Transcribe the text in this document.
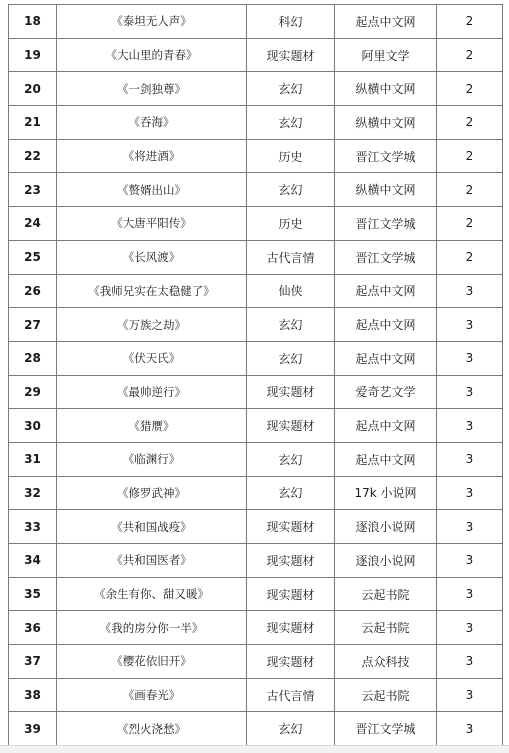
18	《泰坦无人声》	科幻	起点中文网	2
19	《大山里的青春》	现实题材	阿里文学	2
20	《一剑独尊》	玄幻	纵横中文网	2
21	《吞海》	玄幻	纵横中文网	2
22	《将进酒》	历史	晋江文学城	2
23	《赘婿出山》	玄幻	纵横中文网	2
24	《大唐平阳传》	历史	晋江文学城	2
25	《长风渡》	古代言情	晋江文学城	2
26	《我师兄实在太稳健了》	仙侠	起点中文网	3
27	《万族之劫》	玄幻	起点中文网	3
28	《伏天氏》	玄幻	起点中文网	3
29	《最帅逆行》	现实题材	爱奇艺文学	3
30	《猎赝》	现实题材	起点中文网	3
31	《临渊行》	玄幻	起点中文网	3
32	《修罗武神》	玄幻	17k 小说网	3
33	《共和国战疫》	现实题材	逐浪小说网	3
34	《共和国医者》	现实题材	逐浪小说网	3
35	《余生有你、甜又暖》	现实题材	云起书院	3
36	《我的房分你一半》	现实题材	云起书院	3
37	《樱花依旧开》	现实题材	点众科技	3
38	《画春光》	古代言情	云起书院	3
39	《烈火浇愁》	玄幻	晋江文学城	3
